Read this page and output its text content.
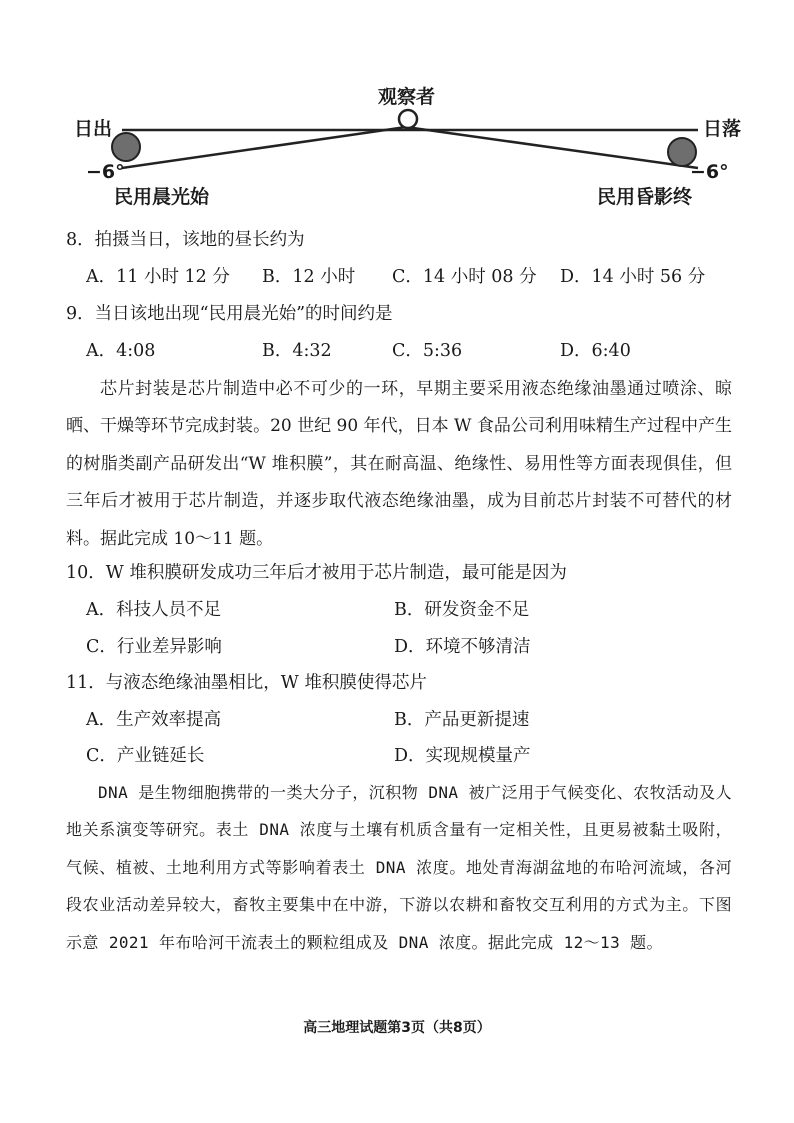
观察者
日出	日落
−6°	−6°
民用晨光始	民用昏影终
8．拍摄当日，该地的昼长约为
A．11 小时 12 分 B．12 小时 C．14 小时 08 分 D．14 小时 56 分
9．当日该地出现“民用晨光始”的时间约是
A．4:08	B．4:32	C．5:36	D．6:40

芯片封装是芯片制造中必不可少的一环，早期主要采用液态绝缘油墨通过喷涂、晾晒、干燥等环节完成封装。20 世纪 90 年代，日本 W 食品公司利用味精生产过程中产生的树脂类副产品研发出“W 堆积膜”，其在耐高温、绝缘性、易用性等方面表现俱佳，但三年后才被用于芯片制造，并逐步取代液态绝缘油墨，成为目前芯片封装不可替代的材料。据此完成 10～11 题。

10．W 堆积膜研发成功三年后才被用于芯片制造，最可能是因为
A．科技人员不足	B．研发资金不足
C．行业差异影响	D．环境不够清洁
11．与液态绝缘油墨相比，W 堆积膜使得芯片
A．生产效率提高	B．产品更新提速
C．产业链延长	D．实现规模量产

DNA 是生物细胞携带的一类大分子，沉积物 DNA 被广泛用于气候变化、农牧活动及人地关系演变等研究。表土 DNA 浓度与土壤有机质含量有一定相关性，且更易被黏土吸附，气候、植被、土地利用方式等影响着表土 DNA 浓度。地处青海湖盆地的布哈河流域，各河段农业活动差异较大，畜牧主要集中在中游，下游以农耕和畜牧交互利用的方式为主。下图示意 2021 年布哈河干流表土的颗粒组成及 DNA 浓度。据此完成 12～13 题。

高三地理试题第3页（共8页）
